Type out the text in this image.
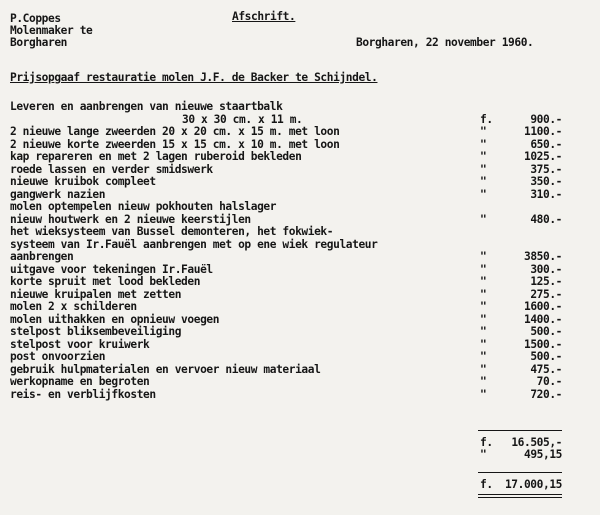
P.Coppes
Molenmaker te
Borgharen
Afschrift.
Borgharen, 22 november 1960.
Prijsopgaaf restauratie molen J.F. de Backer te Schijndel.
Leveren en aanbrengen van nieuwe staartbalk
30 x 30 cm. x 11 m.	f.	900.-
2 nieuwe lange zweerden 20 x 20 cm. x 15 m. met loon	"	1100.-
2 nieuwe korte zweerden 15 x 15 cm. x 10 m. met loon	"	650.-
kap repareren en met 2 lagen ruberoid bekleden	"	1025.-
roede lassen en verder smidswerk	"	375.-
nieuwe kruibok compleet	"	350.-
gangwerk nazien	"	310.-
molen optempelen nieuw pokhouten halslager
nieuw houtwerk en 2 nieuwe keerstijlen	"	480.-
het wieksysteem van Bussel demonteren, het fokwiek-
systeem van Ir.Fauël aanbrengen met op ene wiek regulateur
aanbrengen	"	3850.-
uitgave voor tekeningen Ir.Fauël	"	300.-
korte spruit met lood bekleden	"	125.-
nieuwe kruipalen met zetten	"	275.-
molen 2 x schilderen	"	1600.-
molen uithakken en opnieuw voegen	"	1400.-
stelpost bliksembeveiliging	"	500.-
stelpost voor kruiwerk	"	1500.-
post onvoorzien	"	500.-
gebruik hulpmaterialen en vervoer nieuw materiaal	"	475.-
werkopname en begroten	"	70.-
reis- en verblijfkosten	"	720.-
f.	16.505,-
"	495,15
f.	17.000,15
